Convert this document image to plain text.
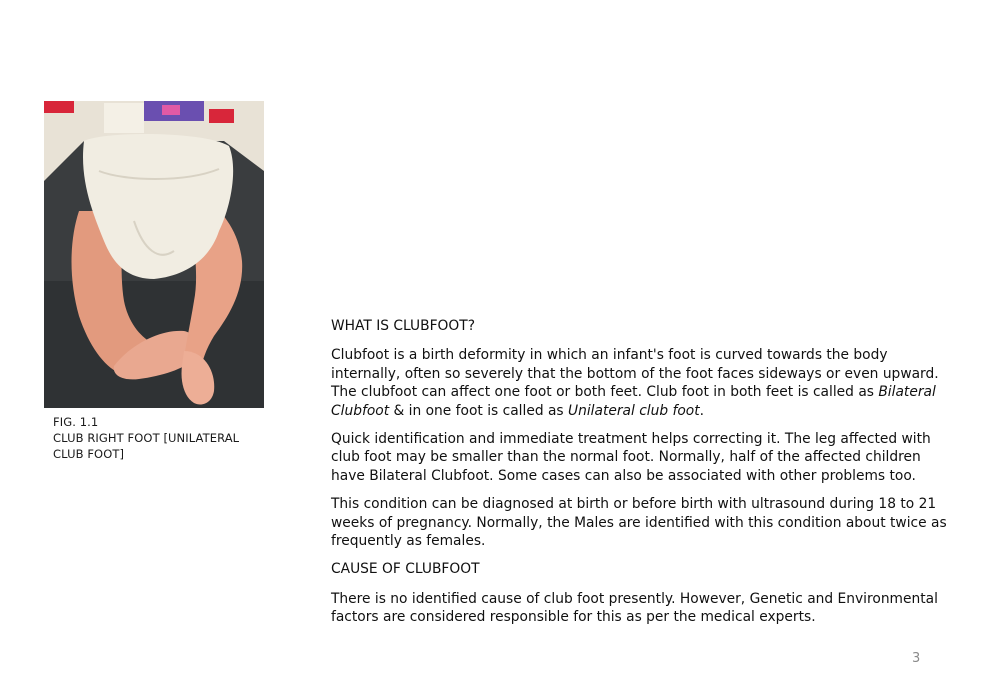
FIG. 1.1
CLUB RIGHT FOOT [UNILATERAL
CLUB FOOT]

WHAT IS CLUBFOOT?

Clubfoot is a birth deformity in which an infant's foot is curved towards the body internally, often so severely that the bottom of the foot faces sideways or even upward. The clubfoot can affect one foot or both feet. Club foot in both feet is called as Bilateral Clubfoot & in one foot is called as Unilateral club foot.

Quick identification and immediate treatment helps correcting it. The leg affected with club foot may be smaller than the normal foot. Normally, half of the affected children have Bilateral Clubfoot. Some cases can also be associated with other problems too.

This condition can be diagnosed at birth or before birth with ultrasound during 18 to 21 weeks of pregnancy. Normally, the Males are identified with this condition about twice as frequently as females.

CAUSE OF CLUBFOOT

There is no identified cause of club foot presently. However, Genetic and Environmental factors are considered responsible for this as per the medical experts.

3
